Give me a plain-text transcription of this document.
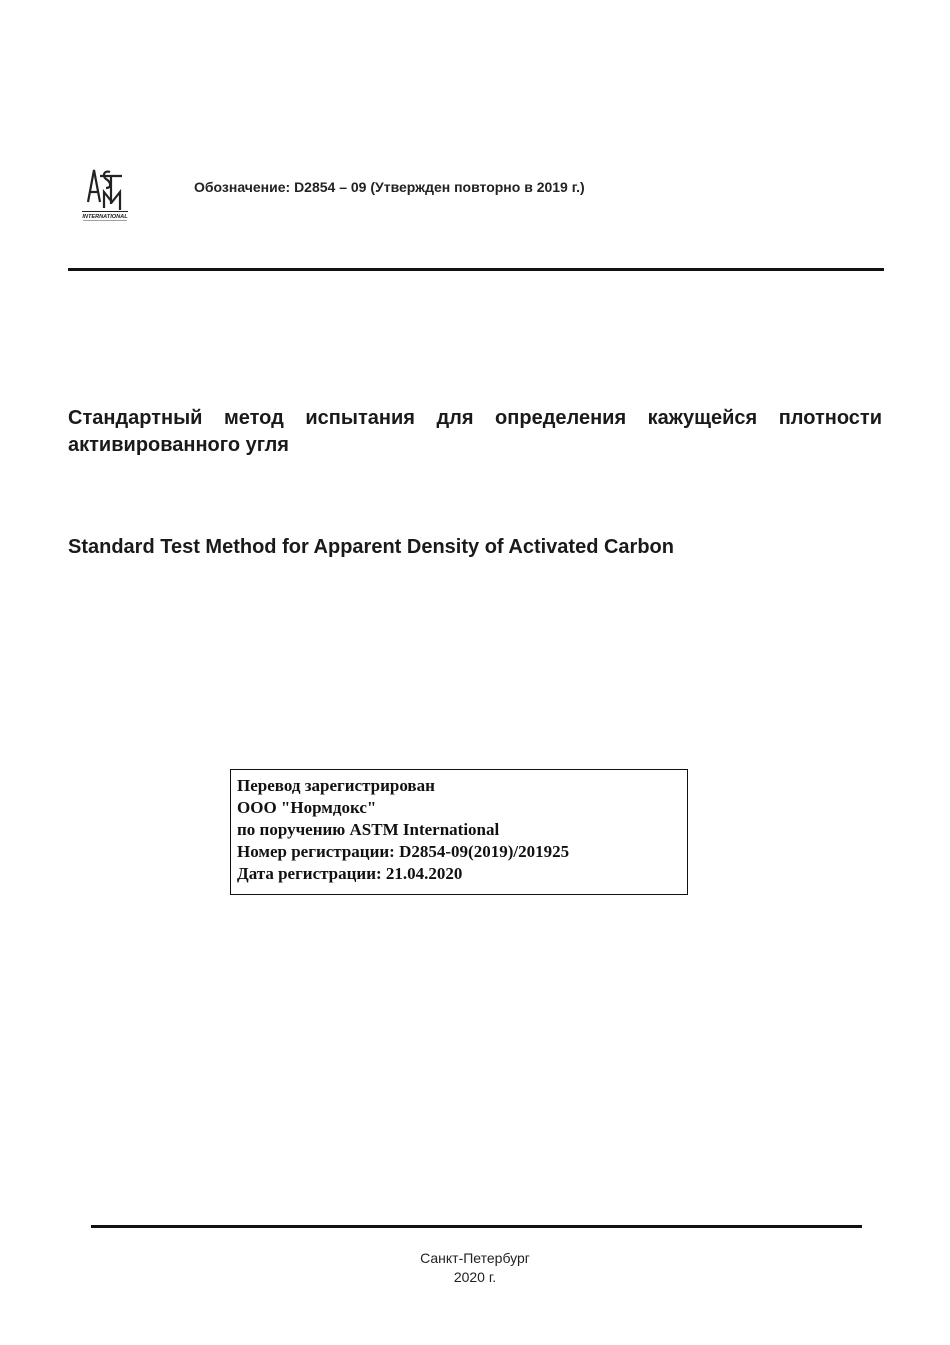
INTERNATIONAL
Обозначение: D2854 – 09 (Утвержден повторно в 2019 г.)
Стандартный метод испытания для определения кажущейся плотности активированного угля
Standard Test Method for Apparent Density of Activated Carbon
Перевод зарегистрирован
ООО "Нормдокс"
по поручению ASTM International
Номер регистрации: D2854-09(2019)/201925
Дата регистрации: 21.04.2020
Санкт-Петербург
2020 г.
